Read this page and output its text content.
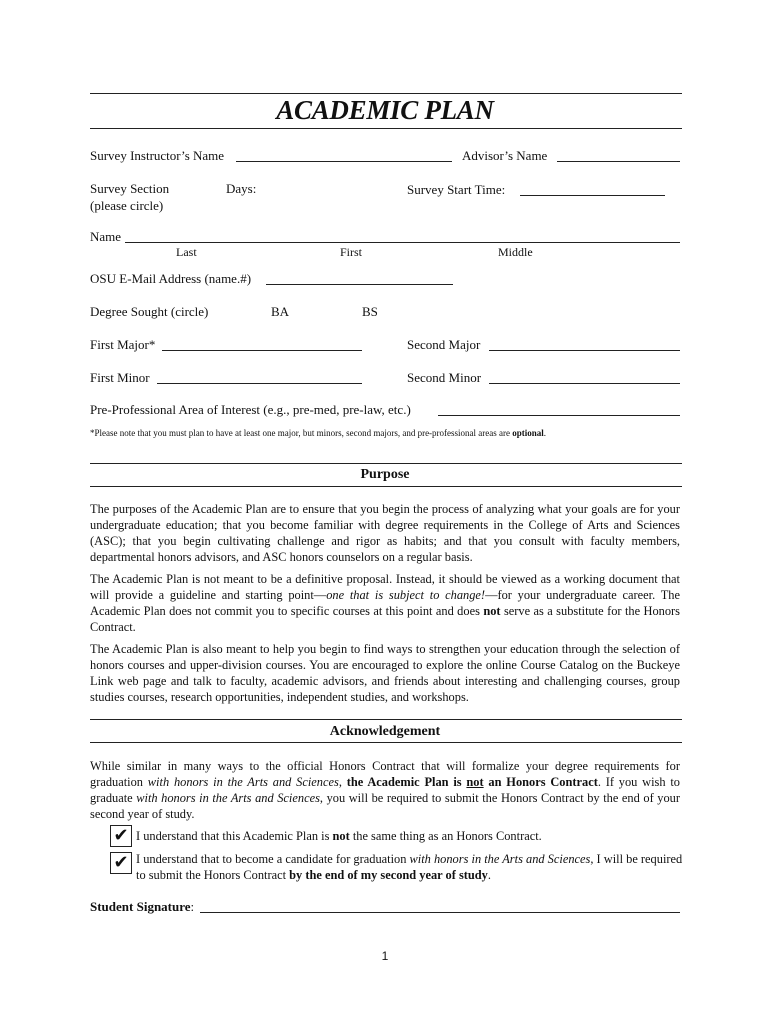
ACADEMIC PLAN
Survey Instructor’s Name	Advisor’s Name
Survey Section
(please circle)
Days:	Survey Start Time:
Name
Last	First	Middle
OSU E-Mail Address (name.#)
Degree Sought (circle)	BA	BS
First Major*	Second Major
First Minor	Second Minor
Pre-Professional Area of Interest (e.g., pre-med, pre-law, etc.)
*Please note that you must plan to have at least one major, but minors, second majors, and pre-professional areas are optional.
Purpose
The purposes of the Academic Plan are to ensure that you begin the process of analyzing what your goals are for your undergraduate education; that you become familiar with degree requirements in the College of Arts and Sciences (ASC); that you begin cultivating challenge and rigor as habits; and that you consult with faculty members, departmental honors advisors, and ASC honors counselors on a regular basis.
The Academic Plan is not meant to be a definitive proposal. Instead, it should be viewed as a working document that will provide a guideline and starting point—one that is subject to change!—for your undergraduate career. The Academic Plan does not commit you to specific courses at this point and does not serve as a substitute for the Honors Contract.
The Academic Plan is also meant to help you begin to find ways to strengthen your education through the selection of honors courses and upper-division courses. You are encouraged to explore the online Course Catalog on the Buckeye Link web page and talk to faculty, academic advisors, and friends about interesting and challenging courses, group studies courses, research opportunities, independent studies, and workshops.
Acknowledgement
While similar in many ways to the official Honors Contract that will formalize your degree requirements for graduation with honors in the Arts and Sciences, the Academic Plan is not an Honors Contract. If you wish to graduate with honors in the Arts and Sciences, you will be required to submit the Honors Contract by the end of your second year of study.
✔ I understand that this Academic Plan is not the same thing as an Honors Contract.
✔ I understand that to become a candidate for graduation with honors in the Arts and Sciences, I will be required to submit the Honors Contract by the end of my second year of study.
Student Signature:
1
